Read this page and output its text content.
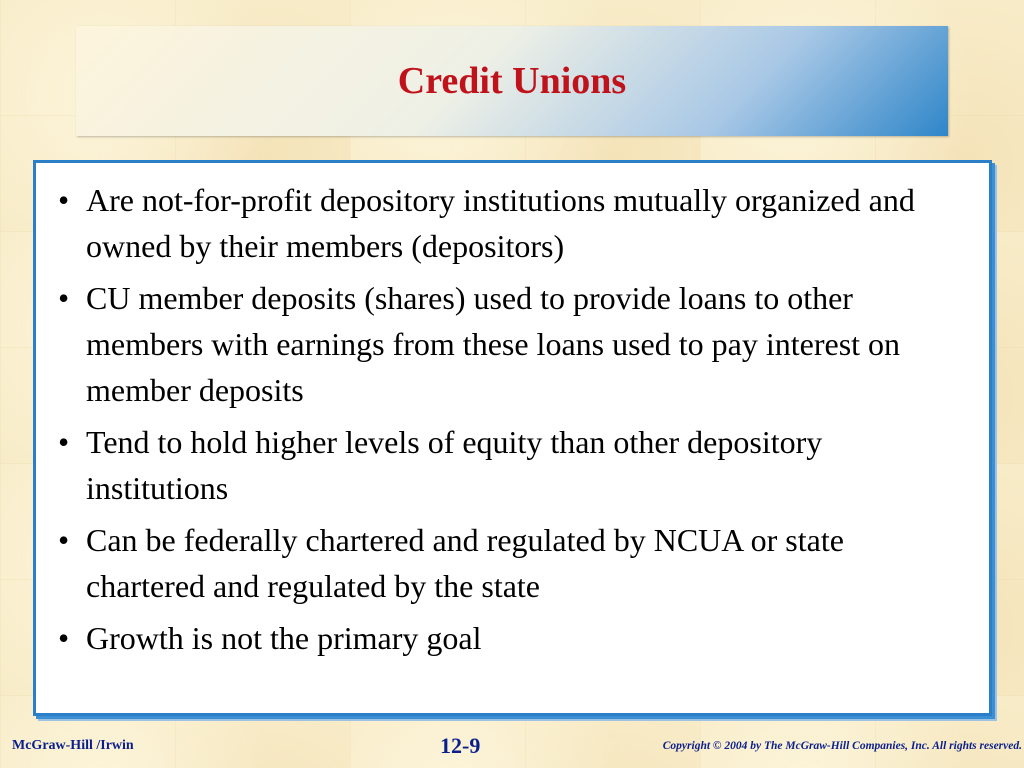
Credit Unions
• Are not-for-profit depository institutions mutually organized and owned by their members (depositors)
• CU member deposits (shares) used to provide loans to other members with earnings from these loans used to pay interest on member deposits
• Tend to hold higher levels of equity than other depository institutions
• Can be federally chartered and regulated by NCUA or state chartered and regulated by the state
• Growth is not the primary goal
McGraw-Hill /Irwin	12-9	Copyright © 2004 by The McGraw-Hill Companies, Inc. All rights reserved.
